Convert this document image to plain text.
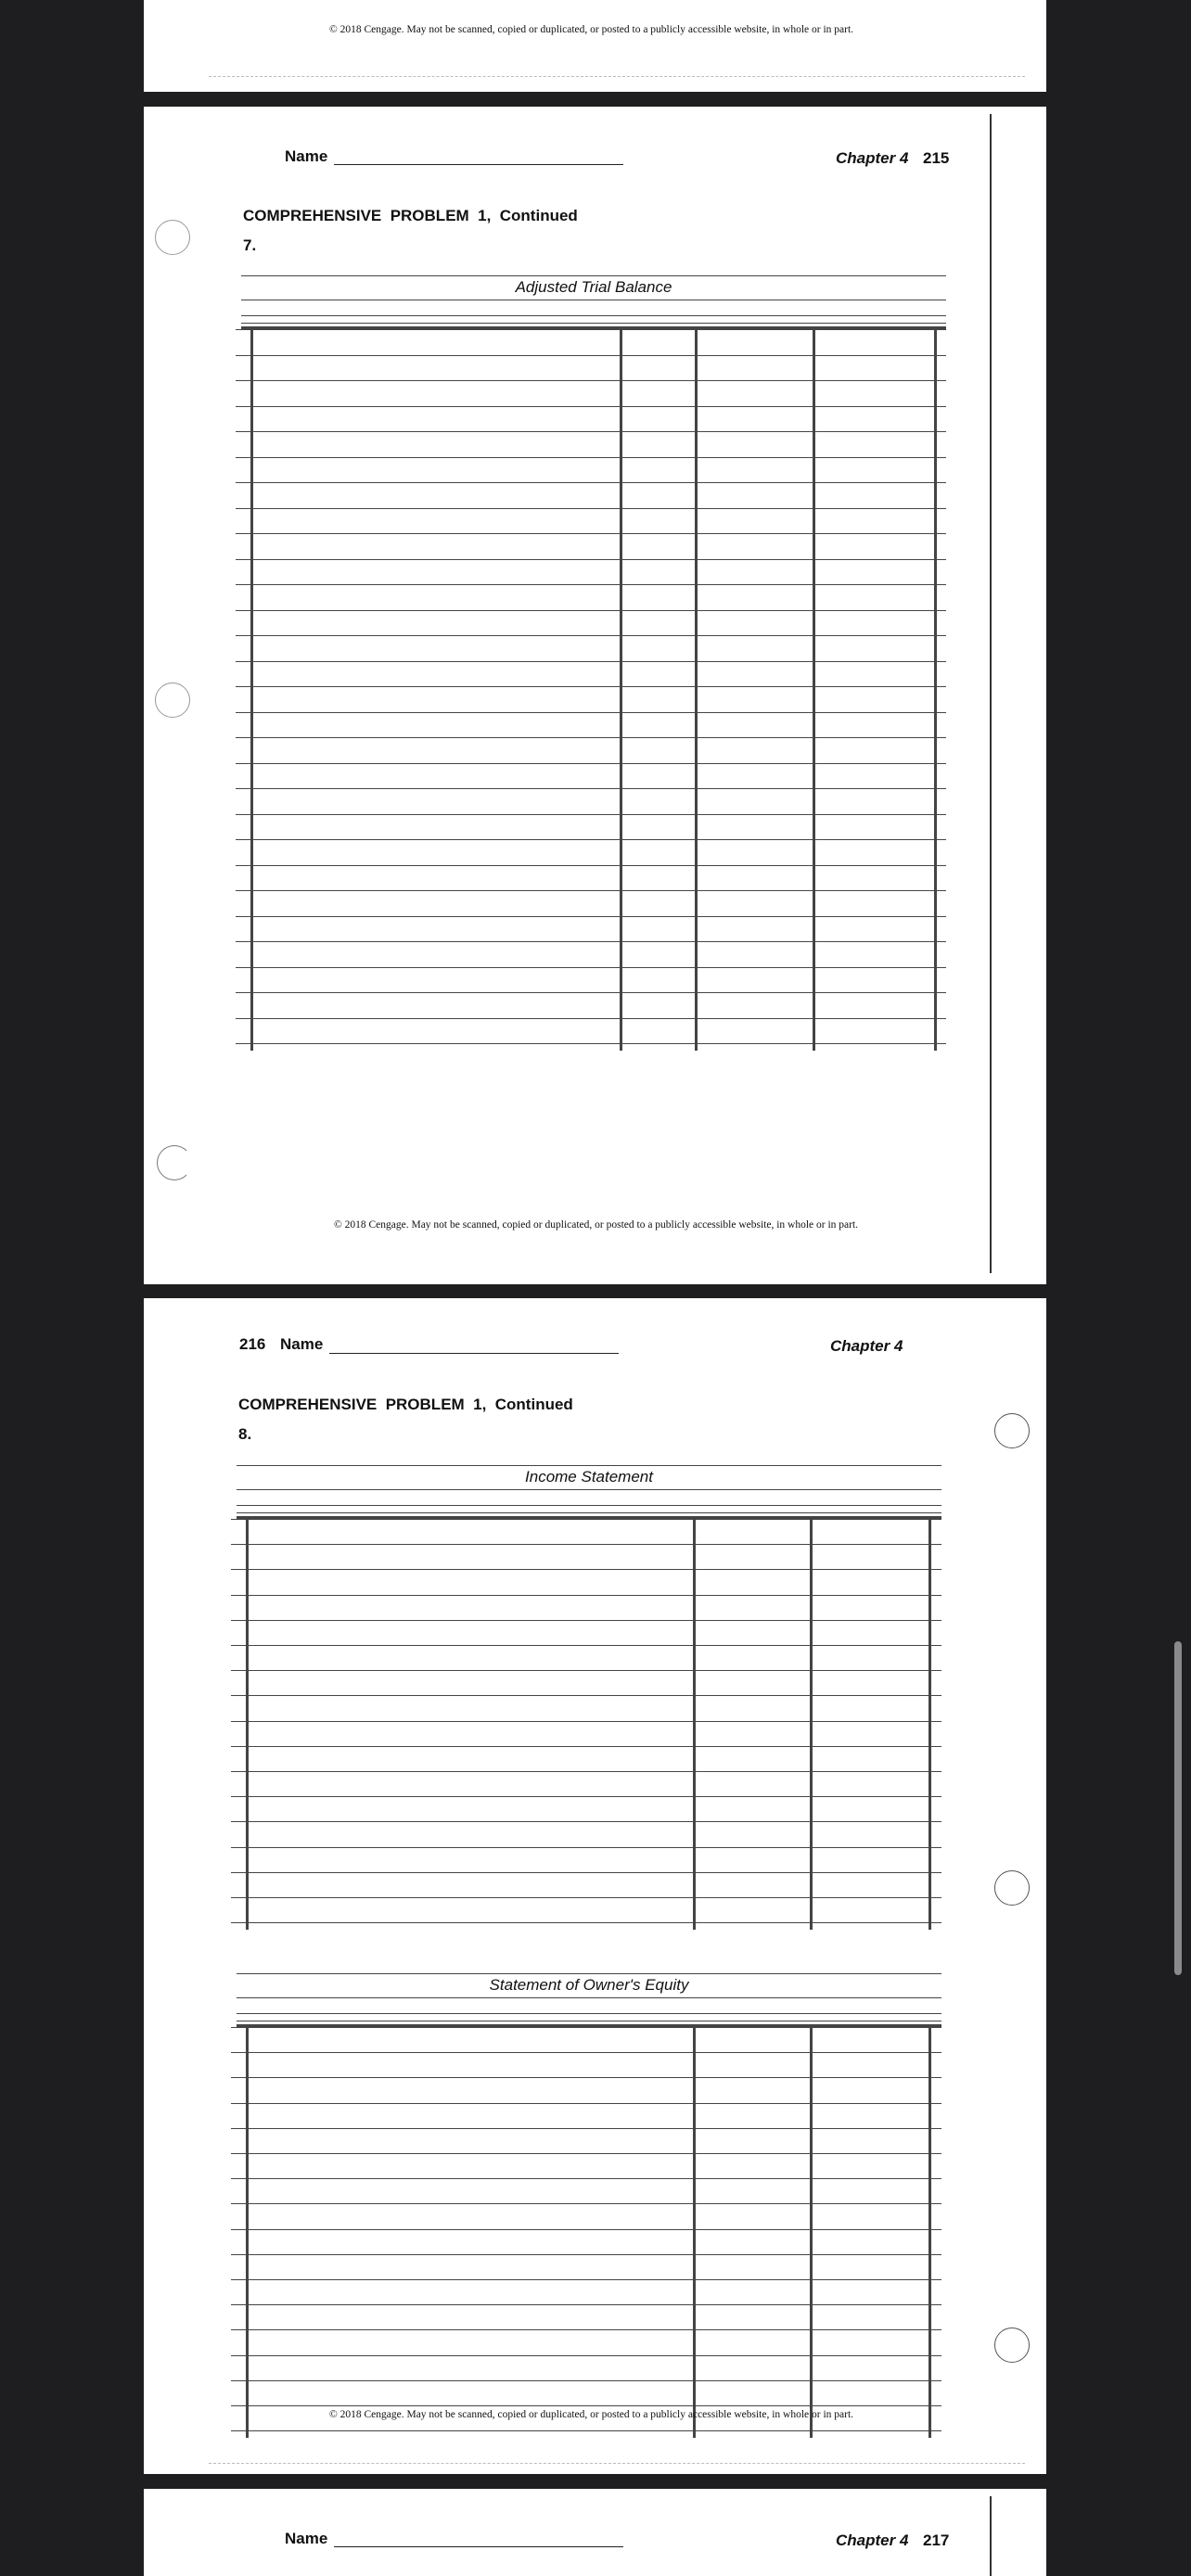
© 2018 Cengage. May not be scanned, copied or duplicated, or posted to a publicly accessible website, in whole or in part.
Name	Chapter 4 215
COMPREHENSIVE  PROBLEM  1,  Continued
7.
Adjusted Trial Balance
© 2018 Cengage. May not be scanned, copied or duplicated, or posted to a publicly accessible website, in whole or in part.
216 Name	Chapter 4
COMPREHENSIVE  PROBLEM  1,  Continued
8.
Income Statement
Statement of Owner's Equity
© 2018 Cengage. May not be scanned, copied or duplicated, or posted to a publicly accessible website, in whole or in part.
Name	Chapter 4 217
